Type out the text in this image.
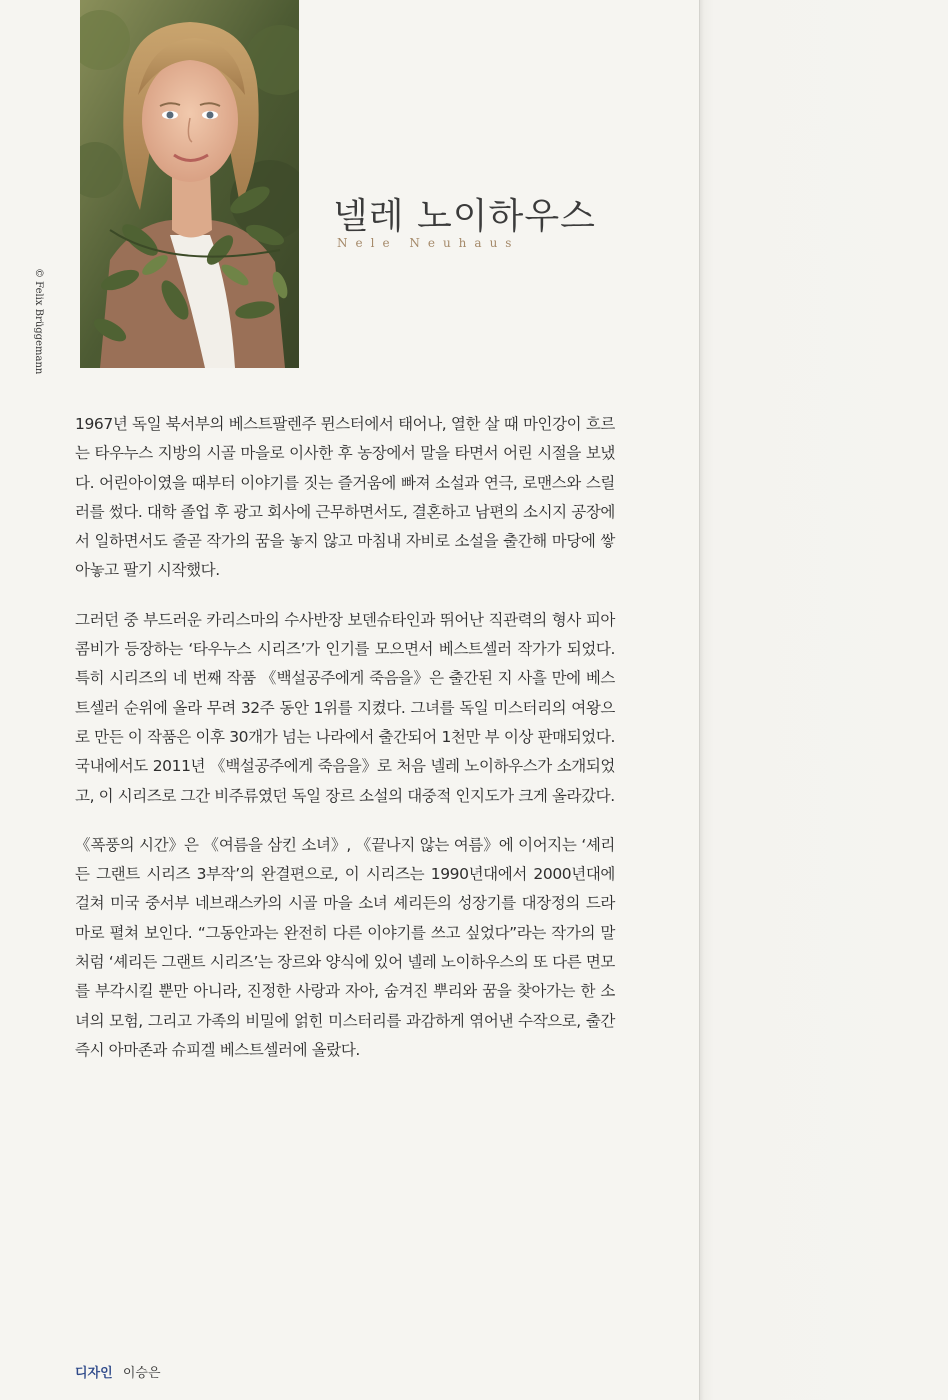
© Felix Brüggemann
넬레 노이하우스
Nele Neuhaus

1967년 독일 북서부의 베스트팔렌주 뮌스터에서 태어나, 열한 살 때 마인강이 흐르는 타우누스 지방의 시골 마을로 이사한 후 농장에서 말을 타면서 어린 시절을 보냈다. 어린아이였을 때부터 이야기를 짓는 즐거움에 빠져 소설과 연극, 로맨스와 스릴러를 썼다. 대학 졸업 후 광고 회사에 근무하면서도, 결혼하고 남편의 소시지 공장에서 일하면서도 줄곧 작가의 꿈을 놓지 않고 마침내 자비로 소설을 출간해 마당에 쌓아놓고 팔기 시작했다.

그러던 중 부드러운 카리스마의 수사반장 보덴슈타인과 뛰어난 직관력의 형사 피아 콤비가 등장하는 ‘타우누스 시리즈’가 인기를 모으면서 베스트셀러 작가가 되었다. 특히 시리즈의 네 번째 작품 《백설공주에게 죽음을》은 출간된 지 사흘 만에 베스트셀러 순위에 올라 무려 32주 동안 1위를 지켰다. 그녀를 독일 미스터리의 여왕으로 만든 이 작품은 이후 30개가 넘는 나라에서 출간되어 1천만 부 이상 판매되었다. 국내에서도 2011년 《백설공주에게 죽음을》로 처음 넬레 노이하우스가 소개되었고, 이 시리즈로 그간 비주류였던 독일 장르 소설의 대중적 인지도가 크게 올라갔다.

《폭풍의 시간》은 《여름을 삼킨 소녀》, 《끝나지 않는 여름》에 이어지는 ‘셰리든 그랜트 시리즈 3부작’의 완결편으로, 이 시리즈는 1990년대에서 2000년대에 걸쳐 미국 중서부 네브래스카의 시골 마을 소녀 셰리든의 성장기를 대장정의 드라마로 펼쳐 보인다. “그동안과는 완전히 다른 이야기를 쓰고 싶었다”라는 작가의 말처럼 ‘셰리든 그랜트 시리즈’는 장르와 양식에 있어 넬레 노이하우스의 또 다른 면모를 부각시킬 뿐만 아니라, 진정한 사랑과 자아, 숨겨진 뿌리와 꿈을 찾아가는 한 소녀의 모험, 그리고 가족의 비밀에 얽힌 미스터리를 과감하게 엮어낸 수작으로, 출간 즉시 아마존과 슈피겔 베스트셀러에 올랐다.

디자인 이승은
